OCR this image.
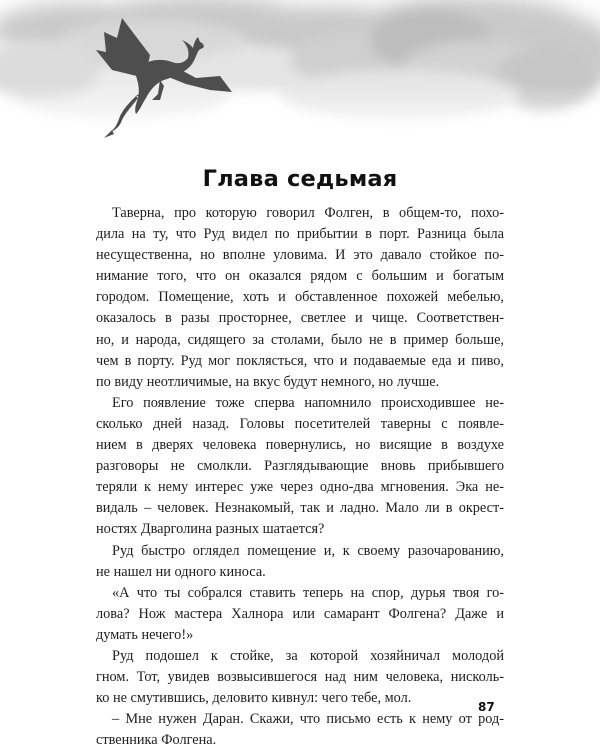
Глава седьмая
Таверна, про которую говорил Фолген, в общем-то, похо-
дила на ту, что Руд видел по прибытии в порт. Разница была
несущественна, но вполне уловима. И это давало стойкое по-
нимание того, что он оказался рядом с большим и богатым
городом. Помещение, хоть и обставленное похожей мебелью,
оказалось в разы просторнее, светлее и чище. Соответствен-
но, и народа, сидящего за столами, было не в пример больше,
чем в порту. Руд мог поклясться, что и подаваемые еда и пиво,
по виду неотличимые, на вкус будут немного, но лучше.
Его появление тоже сперва напомнило происходившее не-
сколько дней назад. Головы посетителей таверны с появле-
нием в дверях человека повернулись, но висящие в воздухе
разговоры не смолкли. Разглядывающие вновь прибывшего
теряли к нему интерес уже через одно-два мгновения. Эка не-
видаль – человек. Незнакомый, так и ладно. Мало ли в окрест-
ностях Дварголина разных шатается?
Руд быстро оглядел помещение и, к своему разочарованию,
не нашел ни одного киноса.
«А что ты собрался ставить теперь на спор, дурья твоя го-
лова? Нож мастера Халнора или самарант Фолгена? Даже и
думать нечего!»
Руд подошел к стойке, за которой хозяйничал молодой
гном. Тот, увидев возвысившегося над ним человека, нисколь-
ко не смутившись, деловито кивнул: чего тебе, мол.
– Мне нужен Даран. Скажи, что письмо есть к нему от род-
ственника Фолгена.
87
